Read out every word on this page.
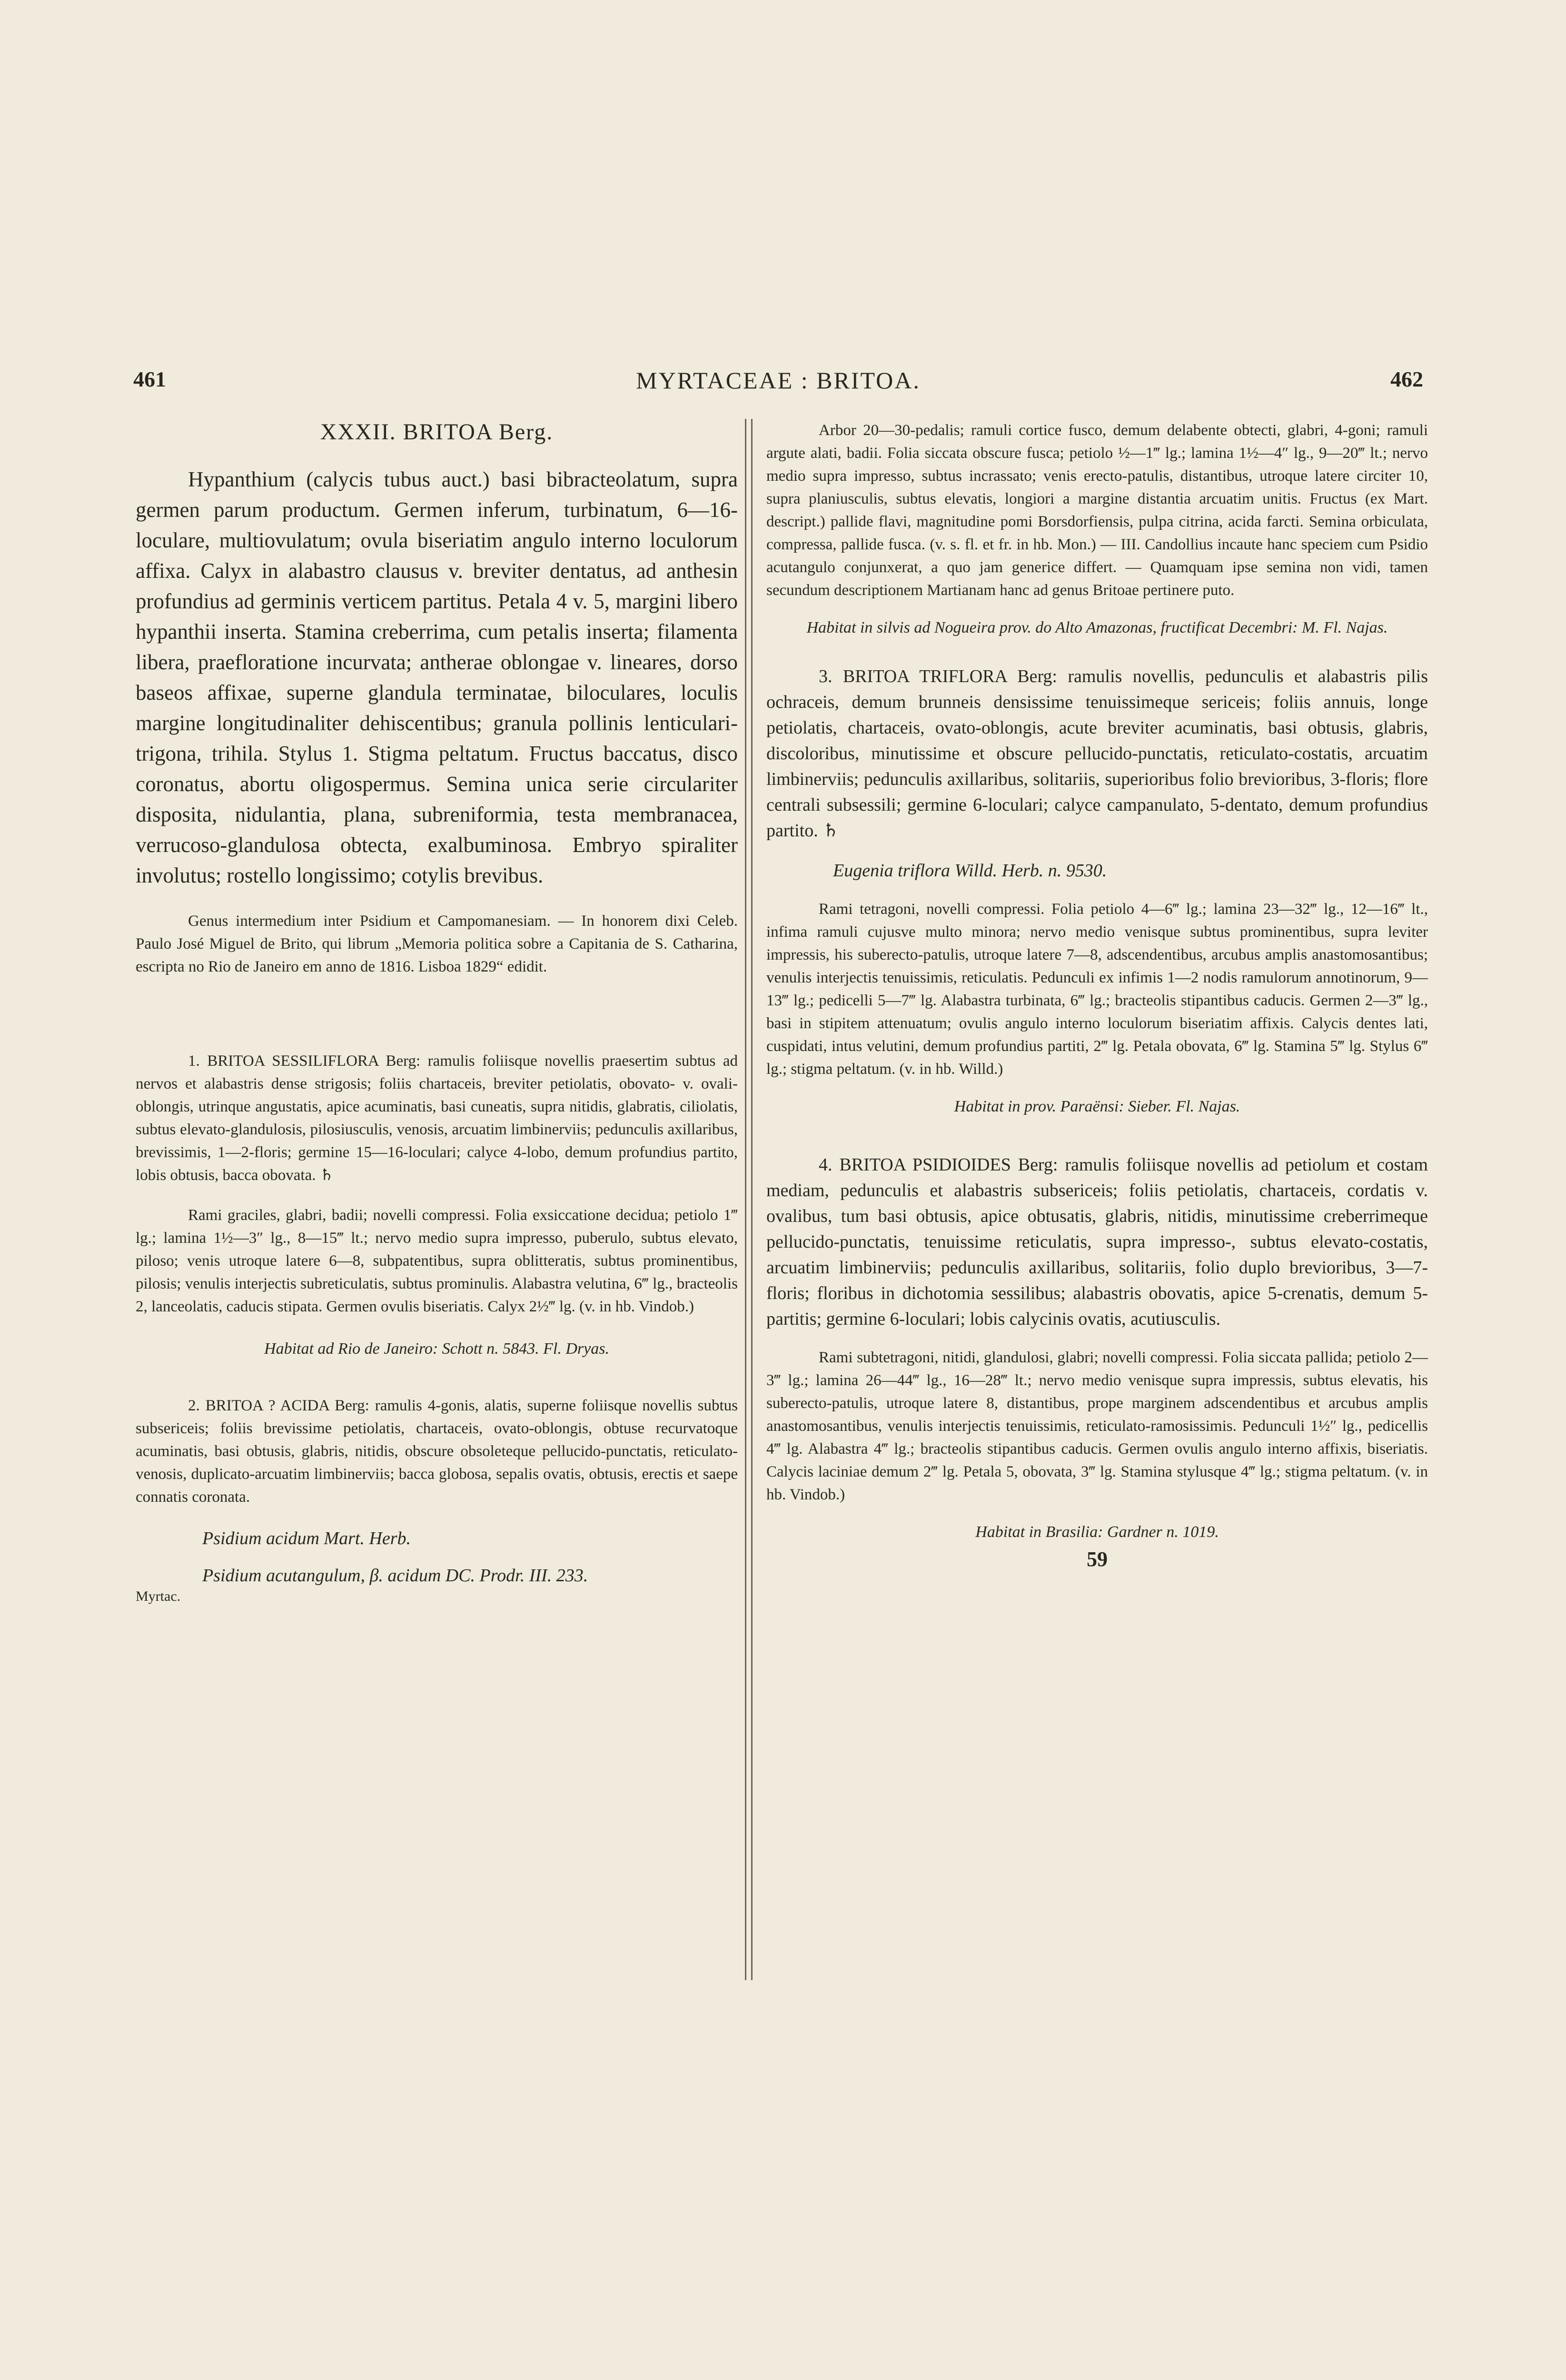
461	MYRTACEAE : BRITOA.	462
XXXII. BRITOA Berg.

Hypanthium (calycis tubus auct.) basi bibracteolatum, supra germen parum productum. Germen inferum, turbinatum, 6—16-loculare, multiovulatum; ovula biseriatim angulo interno loculorum affixa. Calyx in alabastro clausus v. breviter dentatus, ad anthesin profundius ad germinis verticem partitus. Petala 4 v. 5, margini libero hypanthii inserta. Stamina creberrima, cum petalis inserta; filamenta libera, praefloratione incurvata; antherae oblongae v. lineares, dorso baseos affixae, superne glandula terminatae, biloculares, loculis margine longitudinaliter dehiscentibus; granula pollinis lenticulari-trigona, trihila. Stylus 1. Stigma peltatum. Fructus baccatus, disco coronatus, abortu oligospermus. Semina unica serie circulariter disposita, nidulantia, plana, subreniformia, testa membranacea, verrucoso-glandulosa obtecta, exalbuminosa. Embryo spiraliter involutus; rostello longissimo; cotylis brevibus.

Genus intermedium inter Psidium et Campomanesiam. — In honorem dixi Celeb. Paulo José Miguel de Brito, qui librum „Memoria politica sobre a Capitania de S. Catharina, escripta no Rio de Janeiro em anno de 1816. Lisboa 1829“ edidit.

1. BRITOA SESSILIFLORA Berg: ramulis foliisque novellis praesertim subtus ad nervos et alabastris dense strigosis; foliis chartaceis, breviter petiolatis, obovato- v. ovali-oblongis, utrinque angustatis, apice acuminatis, basi cuneatis, supra nitidis, glabratis, ciliolatis, subtus elevato-glandulosis, pilosiusculis, venosis, arcuatim limbinerviis; pedunculis axillaribus, brevissimis, 1—2-floris; germine 15—16-loculari; calyce 4-lobo, demum profundius partito, lobis obtusis, bacca obovata. ♄

Rami graciles, glabri, badii; novelli compressi. Folia exsiccatione decidua; petiolo 1‴ lg.; lamina 1½—3″ lg., 8—15‴ lt.; nervo medio supra impresso, puberulo, subtus elevato, piloso; venis utroque latere 6—8, subpatentibus, supra oblitteratis, subtus prominentibus, pilosis; venulis interjectis subreticulatis, subtus prominulis. Alabastra velutina, 6‴ lg., bracteolis 2, lanceolatis, caducis stipata. Germen ovulis biseriatis. Calyx 2½‴ lg. (v. in hb. Vindob.)

Habitat ad Rio de Janeiro: Schott n. 5843. Fl. Dryas.

2. BRITOA ? ACIDA Berg: ramulis 4-gonis, alatis, superne foliisque novellis subtus subsericeis; foliis brevissime petiolatis, chartaceis, ovato-oblongis, obtuse recurvatoque acuminatis, basi obtusis, glabris, nitidis, obscure obsoleteque pellucido-punctatis, reticulato-venosis, duplicato-arcuatim limbinerviis; bacca globosa, sepalis ovatis, obtusis, erectis et saepe connatis coronata.

Psidium acidum Mart. Herb.
Psidium acutangulum, β. acidum DC. Prodr. III. 233.
Myrtac.

Arbor 20—30-pedalis; ramuli cortice fusco, demum delabente obtecti, glabri, 4-goni; ramuli argute alati, badii. Folia siccata obscure fusca; petiolo ½—1‴ lg.; lamina 1½—4″ lg., 9—20‴ lt.; nervo medio supra impresso, subtus incrassato; venis erecto-patulis, distantibus, utroque latere circiter 10, supra planiusculis, subtus elevatis, longiori a margine distantia arcuatim unitis. Fructus (ex Mart. descript.) pallide flavi, magnitudine pomi Borsdorfiensis, pulpa citrina, acida farcti. Semina orbiculata, compressa, pallide fusca. (v. s. fl. et fr. in hb. Mon.) — III. Candollius incaute hanc speciem cum Psidio acutangulo conjunxerat, a quo jam generice differt. — Quamquam ipse semina non vidi, tamen secundum descriptionem Martianam hanc ad genus Britoae pertinere puto.

Habitat in silvis ad Nogueira prov. do Alto Amazonas, fructificat Decembri: M. Fl. Najas.

3. BRITOA TRIFLORA Berg: ramulis novellis, pedunculis et alabastris pilis ochraceis, demum brunneis densissime tenuissimeque sericeis; foliis annuis, longe petiolatis, chartaceis, ovato-oblongis, acute breviter acuminatis, basi obtusis, glabris, discoloribus, minutissime et obscure pellucido-punctatis, reticulato-costatis, arcuatim limbinerviis; pedunculis axillaribus, solitariis, superioribus folio brevioribus, 3-floris; flore centrali subsessili; germine 6-loculari; calyce campanulato, 5-dentato, demum profundius partito. ♄

Eugenia triflora Willd. Herb. n. 9530.

Rami tetragoni, novelli compressi. Folia petiolo 4—6‴ lg.; lamina 23—32‴ lg., 12—16‴ lt., infima ramuli cujusve multo minora; nervo medio venisque subtus prominentibus, supra leviter impressis, his suberecto-patulis, utroque latere 7—8, adscendentibus, arcubus amplis anastomosantibus; venulis interjectis tenuissimis, reticulatis. Pedunculi ex infimis 1—2 nodis ramulorum annotinorum, 9—13‴ lg.; pedicelli 5—7‴ lg. Alabastra turbinata, 6‴ lg.; bracteolis stipantibus caducis. Germen 2—3‴ lg., basi in stipitem attenuatum; ovulis angulo interno loculorum biseriatim affixis. Calycis dentes lati, cuspidati, intus velutini, demum profundius partiti, 2‴ lg. Petala obovata, 6‴ lg. Stamina 5‴ lg. Stylus 6‴ lg.; stigma peltatum. (v. in hb. Willd.)

Habitat in prov. Paraënsi: Sieber. Fl. Najas.

4. BRITOA PSIDIOIDES Berg: ramulis foliisque novellis ad petiolum et costam mediam, pedunculis et alabastris subsericeis; foliis petiolatis, chartaceis, cordatis v. ovalibus, tum basi obtusis, apice obtusatis, glabris, nitidis, minutissime creberrimeque pellucido-punctatis, tenuissime reticulatis, supra impresso-, subtus elevato-costatis, arcuatim limbinerviis; pedunculis axillaribus, solitariis, folio duplo brevioribus, 3—7-floris; floribus in dichotomia sessilibus; alabastris obovatis, apice 5-crenatis, demum 5-partitis; germine 6-loculari; lobis calycinis ovatis, acutiusculis.

Rami subtetragoni, nitidi, glandulosi, glabri; novelli compressi. Folia siccata pallida; petiolo 2—3‴ lg.; lamina 26—44‴ lg., 16—28‴ lt.; nervo medio venisque supra impressis, subtus elevatis, his suberecto-patulis, utroque latere 8, distantibus, prope marginem adscendentibus et arcubus amplis anastomosantibus, venulis interjectis tenuissimis, reticulato-ramosissimis. Pedunculi 1½″ lg., pedicellis 4‴ lg. Alabastra 4‴ lg.; bracteolis stipantibus caducis. Germen ovulis angulo interno affixis, biseriatis. Calycis laciniae demum 2‴ lg. Petala 5, obovata, 3‴ lg. Stamina stylusque 4‴ lg.; stigma peltatum. (v. in hb. Vindob.)

Habitat in Brasilia: Gardner n. 1019.
59
